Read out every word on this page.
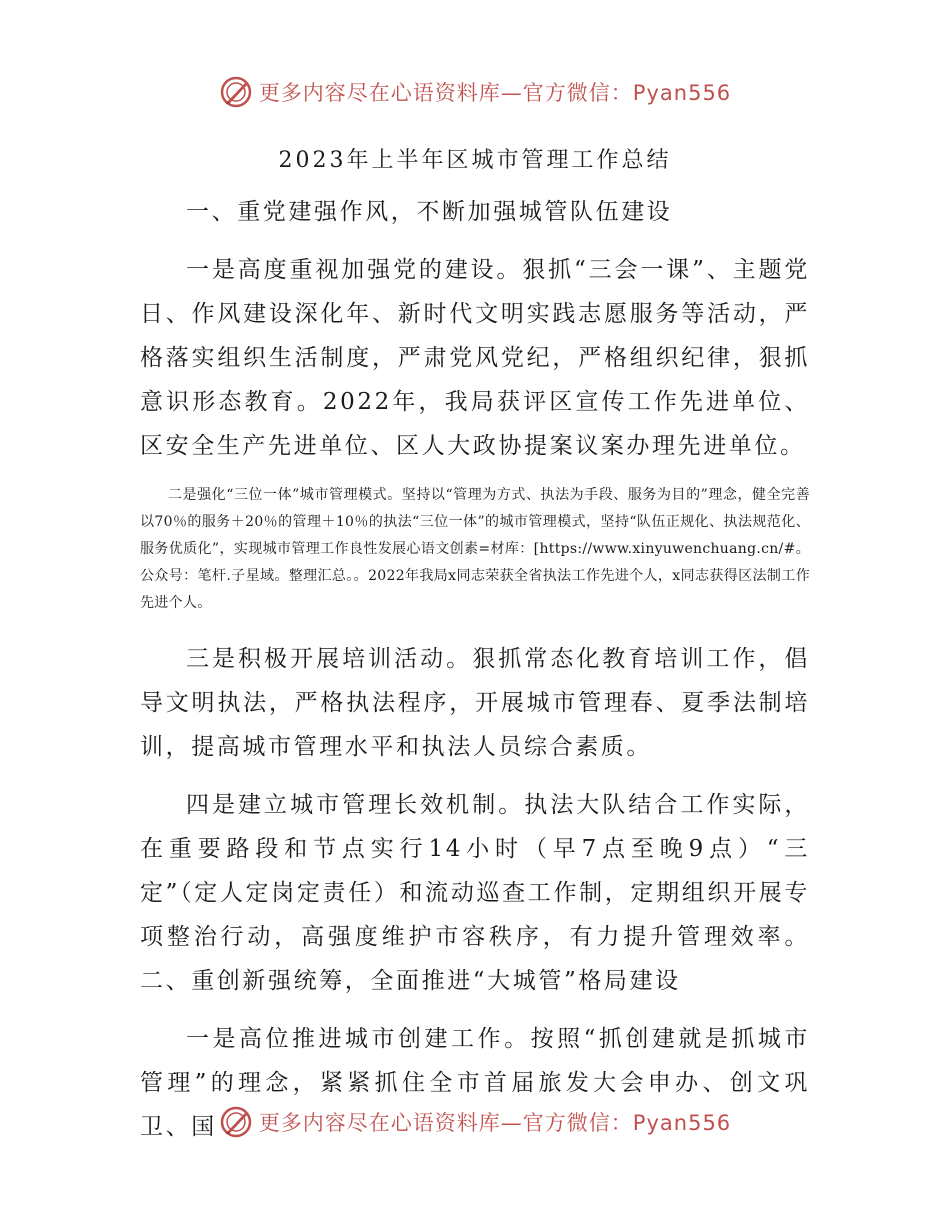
更多内容尽在心语资料库—官方微信：Pyan556
2023年上半年区城市管理工作总结

一、重党建强作风，不断加强城管队伍建设

一是高度重视加强党的建设。狠抓“三会一课”、主题党日、作风建设深化年、新时代文明实践志愿服务等活动，严格落实组织生活制度，严肃党风党纪，严格组织纪律，狠抓意识形态教育。2022年，我局获评区宣传工作先进单位、区安全生产先进单位、区人大政协提案议案办理先进单位。

二是强化“三位一体”城市管理模式。坚持以“管理为方式、执法为手段、服务为目的”理念，健全完善以70％的服务＋20％的管理＋10％的执法“三位一体”的城市管理模式，坚持“队伍正规化、执法规范化、服务优质化”，实现城市管理工作良性发展心语文创素=材库：[https://www.xinyuwenchuang.cn/#。公众号：笔杆.子星域。整理汇总。。2022年我局x同志荣获全省执法工作先进个人，x同志获得区法制工作先进个人。

三是积极开展培训活动。狠抓常态化教育培训工作，倡导文明执法，严格执法程序，开展城市管理春、夏季法制培训，提高城市管理水平和执法人员综合素质。

四是建立城市管理长效机制。执法大队结合工作实际，在重要路段和节点实行14小时（早7点至晚9点）“三定”（定人定岗定责任）和流动巡查工作制，定期组织开展专项整治行动，高强度维护市容秩序，有力提升管理效率。二、重创新强统筹，全面推进“大城管”格局建设

一是高位推进城市创建工作。按照“抓创建就是抓城市管理”的理念，紧紧抓住全市首届旅发大会申办、创文巩卫、国	更多内容尽在心语资料库—官方微信：Pyan556
